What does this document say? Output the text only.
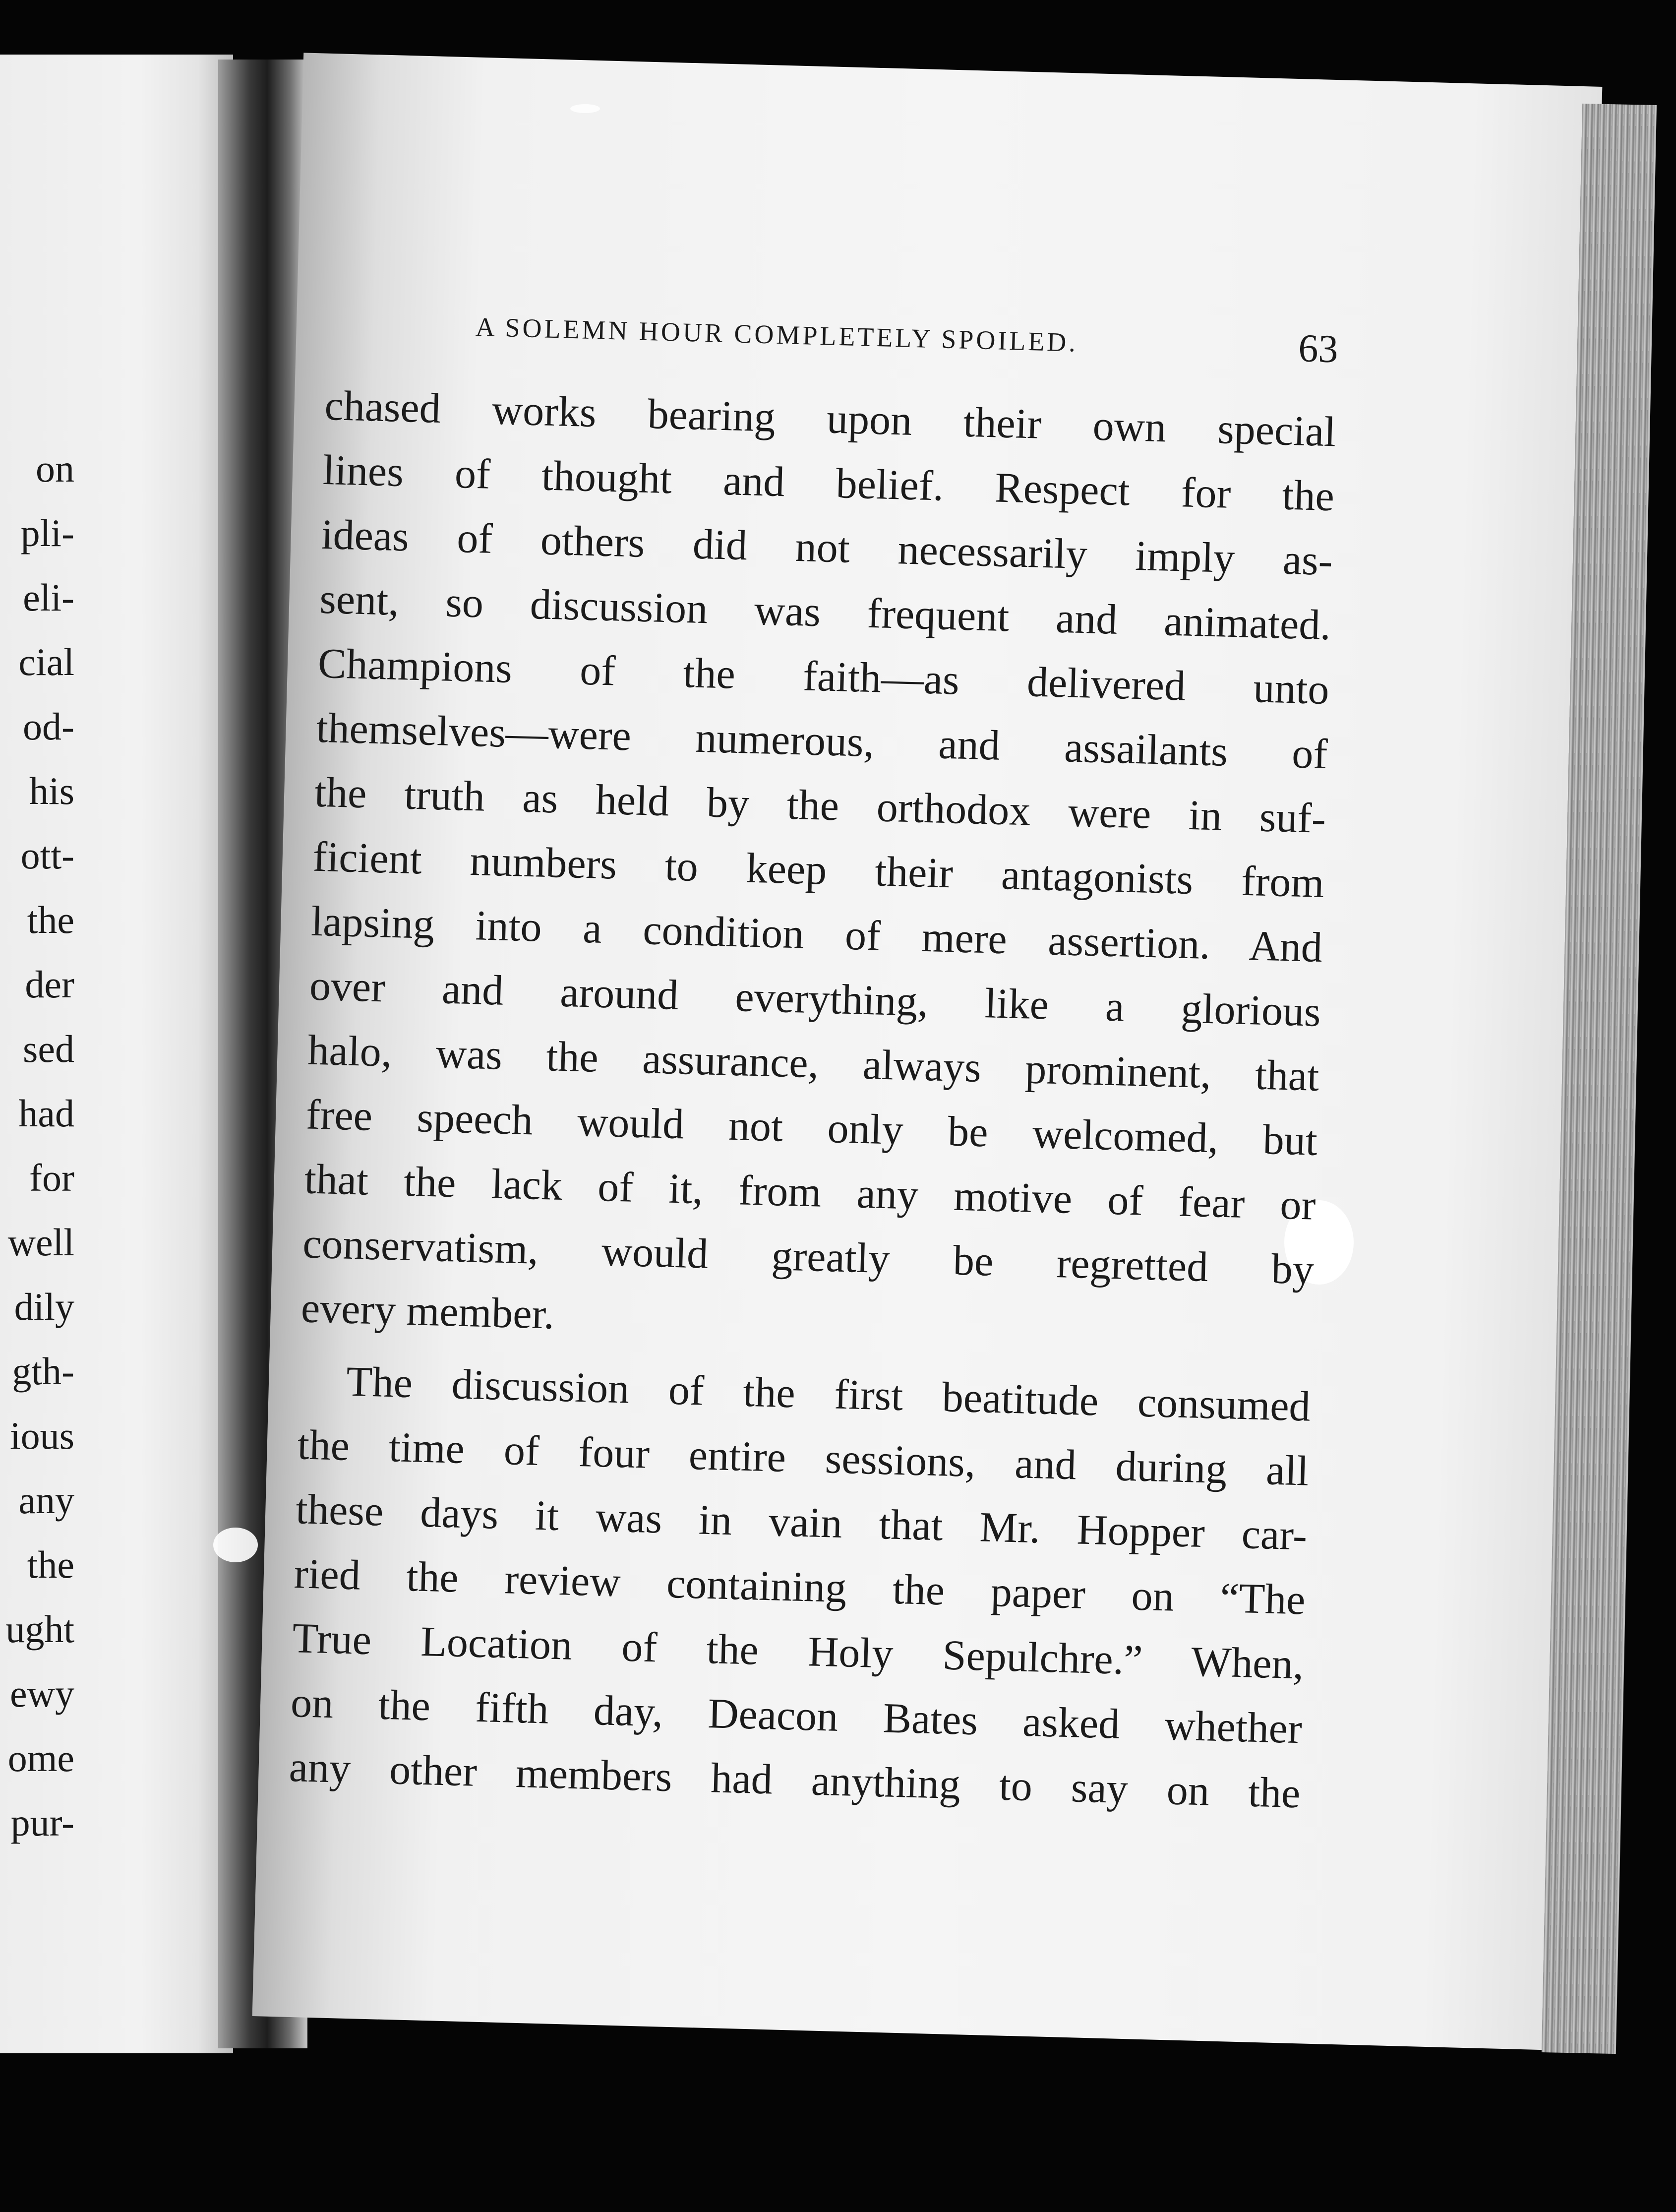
on
pli-
eli-
cial
od-
his
ott-
the
der
sed
had
for
well
dily
gth-
ious
any
the
ught
ewy
ome
pur-
A SOLEMN HOUR COMPLETELY SPOILED.	63
chased works bearing upon their own special
lines of thought and belief. Respect for the
ideas of others did not necessarily imply as-
sent, so discussion was frequent and animated.
Champions of the faith—as delivered unto
themselves—were numerous, and assailants of
the truth as held by the orthodox were in suf-
ficient numbers to keep their antagonists from
lapsing into a condition of mere assertion. And
over and around everything, like a glorious
halo, was the assurance, always prominent, that
free speech would not only be welcomed, but
that the lack of it, from any motive of fear or
conservatism, would greatly be regretted by
every member.
The discussion of the first beatitude consumed
the time of four entire sessions, and during all
these days it was in vain that Mr. Hopper car-
ried the review containing the paper on “The
True Location of the Holy Sepulchre.” When,
on the fifth day, Deacon Bates asked whether
any other members had anything to say on the
